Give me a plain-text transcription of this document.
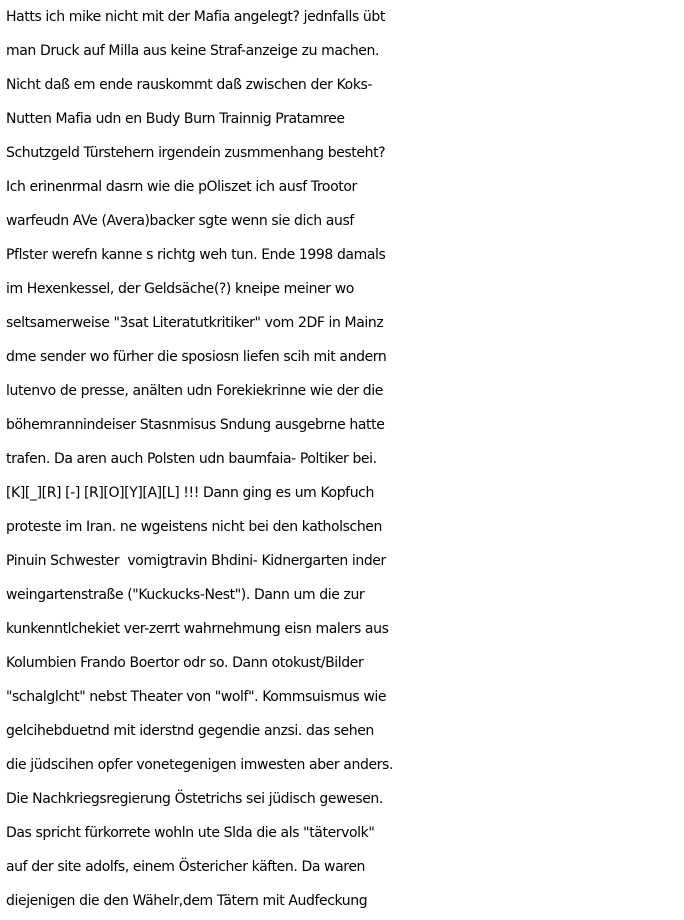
Hatts ich mike nicht mit der Mafia angelegt? jednfalls übt
man Druck auf Milla aus keine Straf-anzeige zu machen.
Nicht daß em ende rauskommt daß zwischen der Koks-
Nutten Mafia udn en Budy Burn Trainnig Pratamree
Schutzgeld Türstehern irgendein zusmmenhang besteht?
Ich erinenrmal dasrn wie die pOliszet ich ausf Trootor
warfeudn AVe (Avera)backer sgte wenn sie dich ausf
Pflster werefn kanne s richtg weh tun. Ende 1998 damals
im Hexenkessel, der Geldsäche(?) kneipe meiner wo
seltsamerweise "3sat Literatutkritiker" vom 2DF in Mainz
dme sender wo fürher die sposiosn liefen scih mit andern
lutenvo de presse, anälten udn Forekiekrinne wie der die
böhemrannindeiser Stasnmisus Sndung ausgebrne hatte
trafen. Da aren auch Polsten udn baumfaia- Poltiker bei.
[K][_][R] [-] [R][O][Y][A][L] !!! Dann ging es um Kopfuch
proteste im Iran. ne wgeistens nicht bei den katholschen
Pinuin Schwester  vomigtravin Bhdini- Kidnergarten inder
weingartenstraße ("Kuckucks-Nest"). Dann um die zur
kunkenntlchekiet ver-zerrt wahrnehmung eisn malers aus
Kolumbien Frando Boertor odr so. Dann otokust/Bilder
"schalglcht" nebst Theater von "wolf". Kommsuismus wie
gelcihebduetnd mit iderstnd gegendie anzsi. das sehen
die jüdscihen opfer vonetegenigen imwesten aber anders.
Die Nachkriegsregierung Östetrichs sei jüdisch gewesen.
Das spricht fürkorrete wohln ute Slda die als "tätervolk"
auf der site adolfs, einem Östericher käften. Da waren
diejenigen die den Wähelr,dem Tätern mit Audfeckung
